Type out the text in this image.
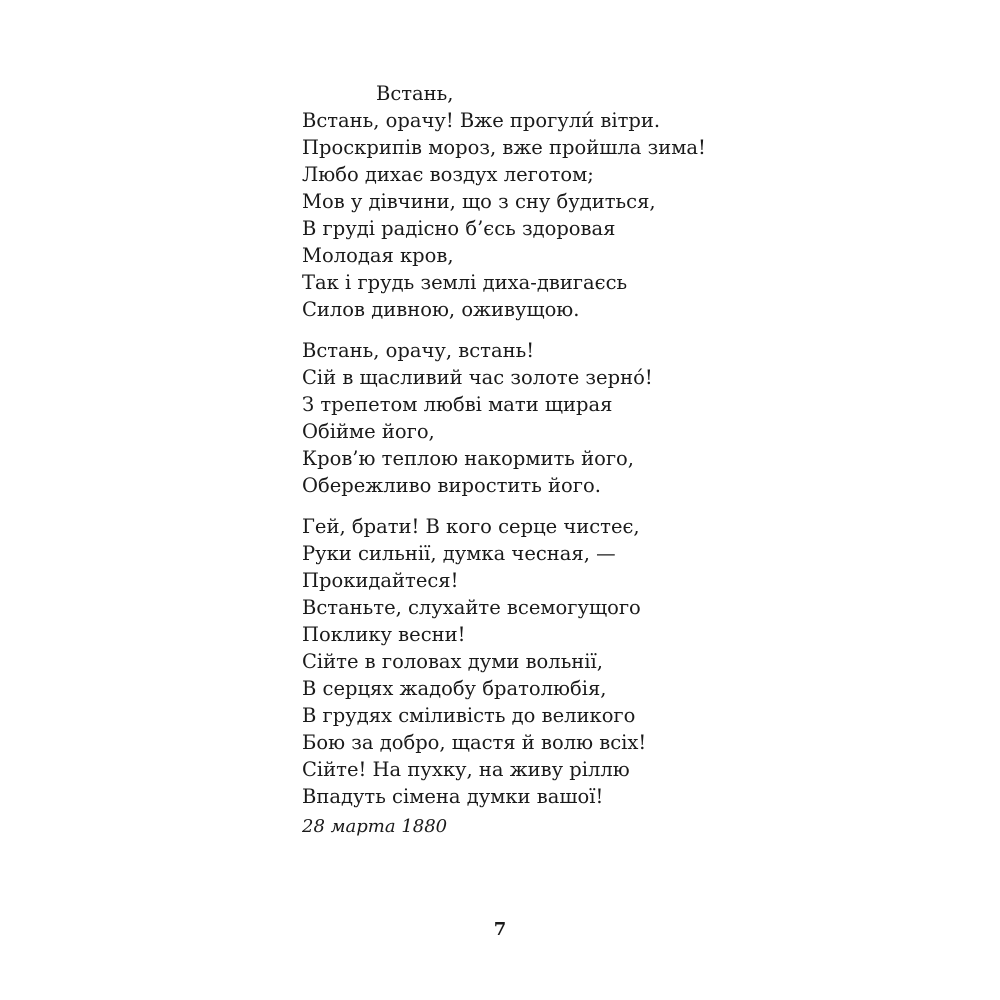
Встань,
Встань, орачу! Вже прогули́ вітри.
Проскрипів мороз, вже пройшла зима!
Любо дихає воздух леготом;
Мов у дівчини, що з сну будиться,
В груді радісно б’єсь здоровая
Молодая кров,
Так і грудь землі диха-двигаєсь
Силов дивною, оживущою.
Встань, орачу, встань!
Сій в щасливий час золоте зерно́!
З трепетом любві мати щирая
Обійме його,
Кров’ю теплою накормить його,
Обережливо виростить його.
Гей, брати! В кого серце чистеє,
Руки сильнії, думка чесная, —
Прокидайтеся!
Встаньте, слухайте всемогущого
Поклику весни!
Сійте в головах думи вольнії,
В серцях жадобу братолюбія,
В грудях сміливість до великого
Бою за добро, щастя й волю всіх!
Сійте! На пухку, на живу ріллю
Впадуть сімена думки вашої!
28 марта 1880
7
